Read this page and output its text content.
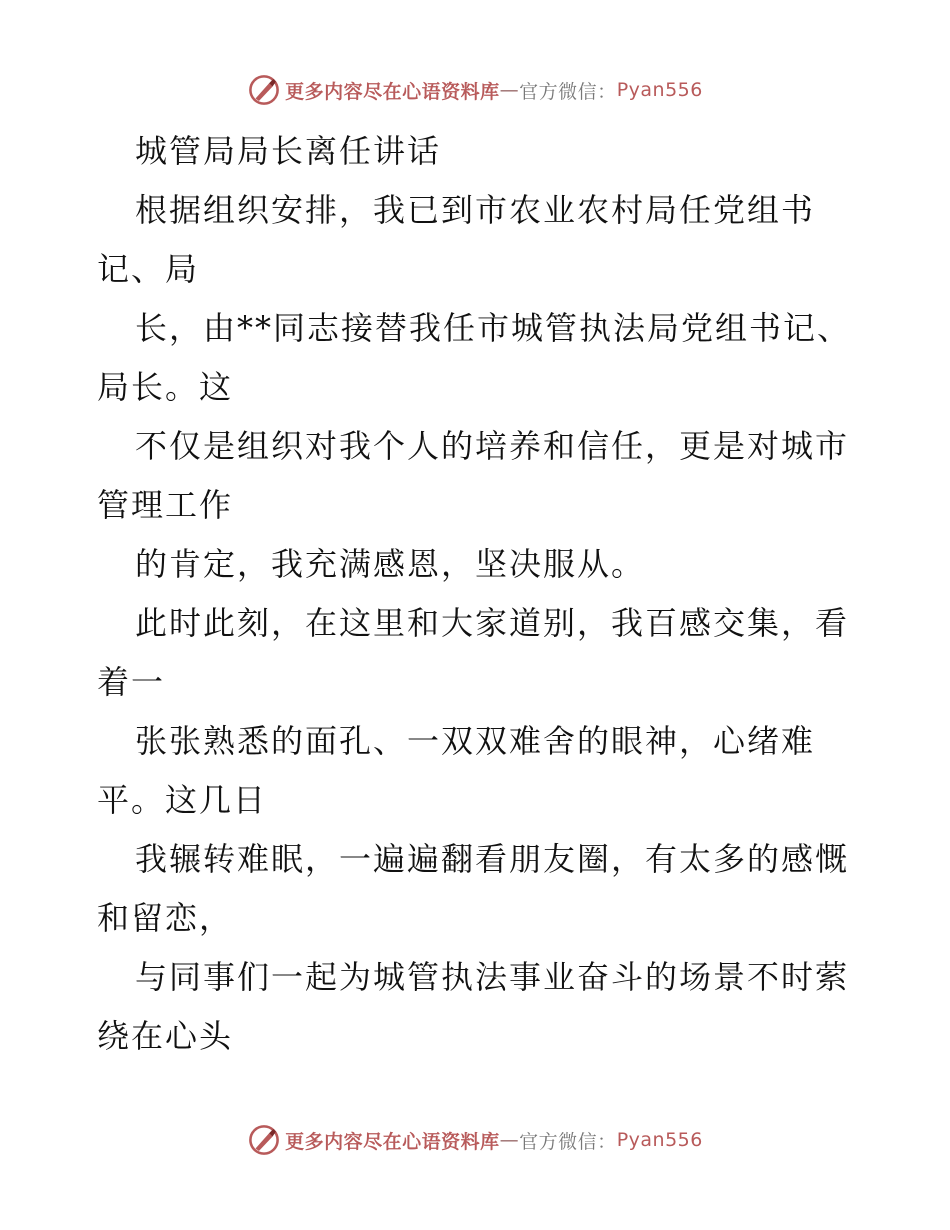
更多内容尽在心语资料库 — 官方微信： Pyan556

城管局局长离任讲话

根据组织安排，我已到市农业农村局任党组书

记、局

长，由**同志接替我任市城管执法局党组书记、

局长。这

不仅是组织对我个人的培养和信任，更是对城市

管理工作

的肯定，我充满感恩，坚决服从。

此时此刻，在这里和大家道别，我百感交集，看

着一

张张熟悉的面孔、一双双难舍的眼神，心绪难

平。这几日

我辗转难眠，一遍遍翻看朋友圈，有太多的感慨

和留恋，

与同事们一起为城管执法事业奋斗的场景不时萦

绕在心头

更多内容尽在心语资料库 — 官方微信： Pyan556
